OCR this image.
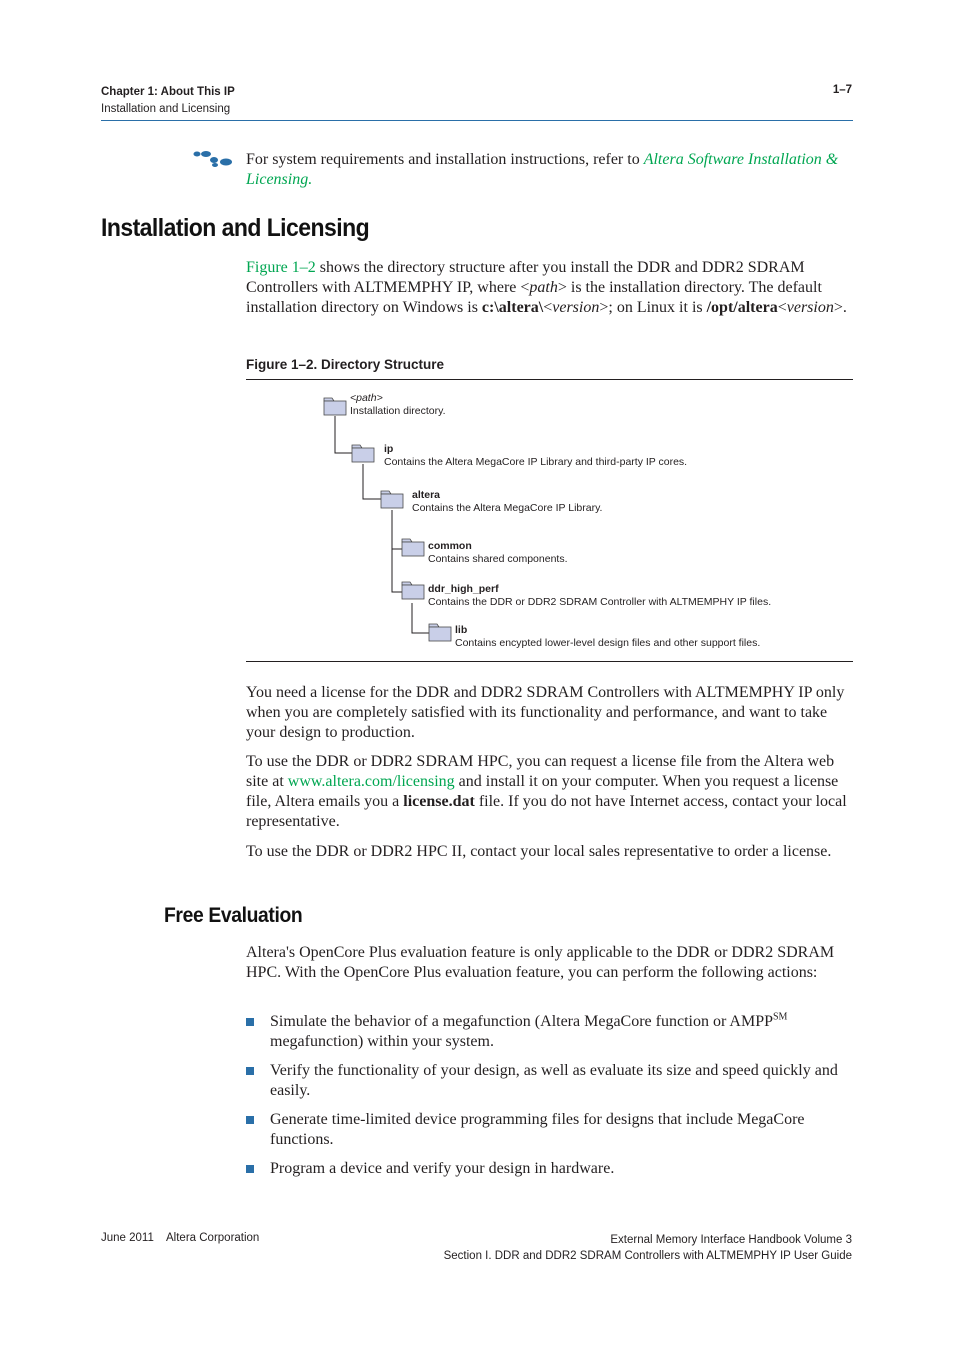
Chapter 1: About This IP
Installation and Licensing
1–7
For system requirements and installation instructions, refer to Altera Software Installation & Licensing.
Installation and Licensing

Figure 1–2 shows the directory structure after you install the DDR and DDR2 SDRAM Controllers with ALTMEMPHY IP, where <path> is the installation directory. The default installation directory on Windows is c:\altera\<version>; on Linux it is /opt/altera<version>.

Figure 1–2. Directory Structure
<path>
Installation directory.
ip
Contains the Altera MegaCore IP Library and third-party IP cores.
altera
Contains the Altera MegaCore IP Library.
common
Contains shared components.
ddr_high_perf
Contains the DDR or DDR2 SDRAM Controller with ALTMEMPHY IP files.
lib
Contains encypted lower-level design files and other support files.

You need a license for the DDR and DDR2 SDRAM Controllers with ALTMEMPHY IP only when you are completely satisfied with its functionality and performance, and want to take your design to production.

To use the DDR or DDR2 SDRAM HPC, you can request a license file from the Altera web site at www.altera.com/licensing and install it on your computer. When you request a license file, Altera emails you a license.dat file. If you do not have Internet access, contact your local representative.

To use the DDR or DDR2 HPC II, contact your local sales representative to order a license.

Free Evaluation

Altera's OpenCore Plus evaluation feature is only applicable to the DDR or DDR2 SDRAM HPC. With the OpenCore Plus evaluation feature, you can perform the following actions:

Simulate the behavior of a megafunction (Altera MegaCore function or AMPP℠ megafunction) within your system.
Verify the functionality of your design, as well as evaluate its size and speed quickly and easily.
Generate time-limited device programming files for designs that include MegaCore functions.
Program a device and verify your design in hardware.
June 2011    Altera Corporation	External Memory Interface Handbook Volume 3
Section I. DDR and DDR2 SDRAM Controllers with ALTMEMPHY IP User Guide
